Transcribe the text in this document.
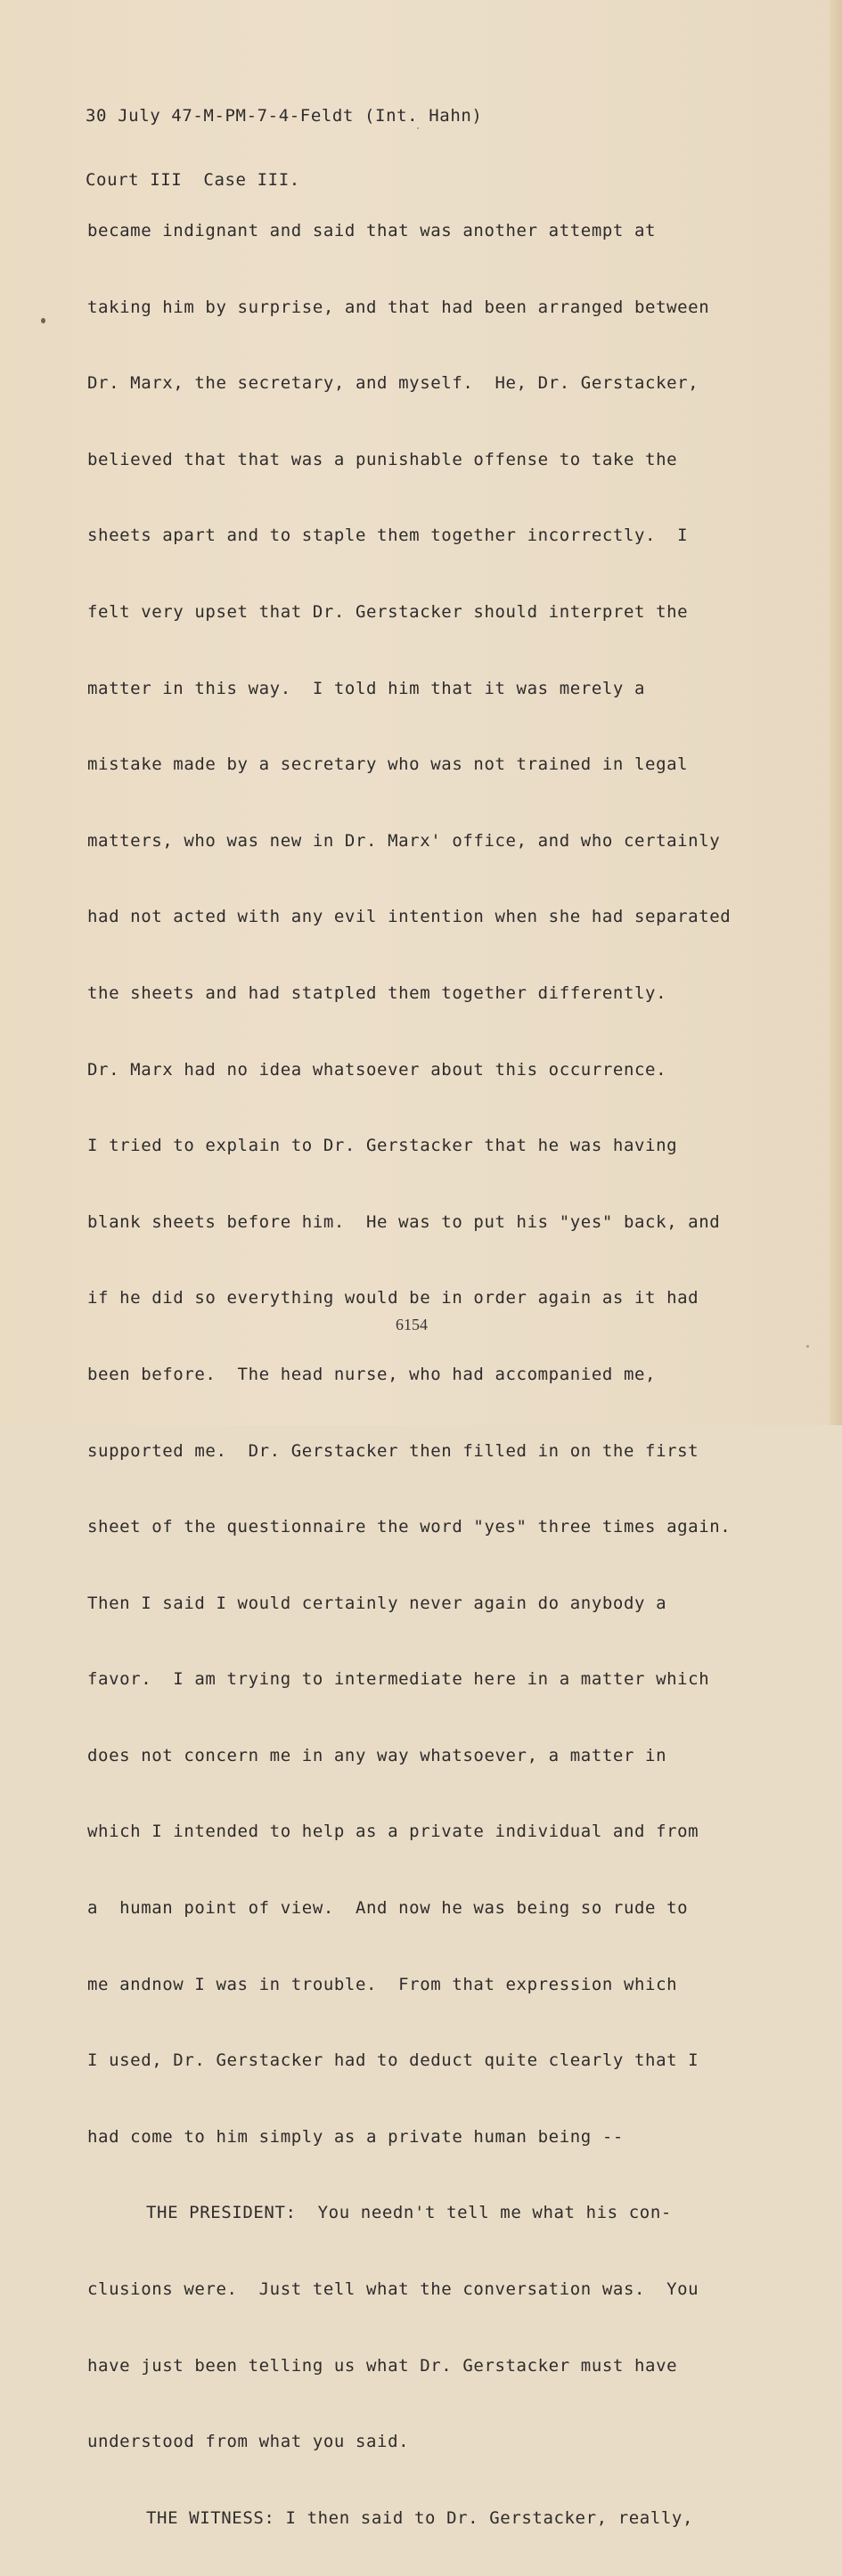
30 July 47-M-PM-7-4-Feldt (Int. Hahn)

Court III  Case III.

became indignant and said that was another attempt at

taking him by surprise, and that had been arranged between

Dr. Marx, the secretary, and myself.  He, Dr. Gerstacker,

believed that that was a punishable offense to take the

sheets apart and to staple them together incorrectly.  I

felt very upset that Dr. Gerstacker should interpret the

matter in this way.  I told him that it was merely a

mistake made by a secretary who was not trained in legal

matters, who was new in Dr. Marx' office, and who certainly

had not acted with any evil intention when she had separated

the sheets and had statpled them together differently.

Dr. Marx had no idea whatsoever about this occurrence.

I tried to explain to Dr. Gerstacker that he was having

blank sheets before him.  He was to put his "yes" back, and

if he did so everything would be in order again as it had

been before.  The head nurse, who had accompanied me,

supported me.  Dr. Gerstacker then filled in on the first

sheet of the questionnaire the word "yes" three times again.

Then I said I would certainly never again do anybody a

favor.  I am trying to intermediate here in a matter which

does not concern me in any way whatsoever, a matter in

which I intended to help as a private individual and from

a  human point of view.  And now he was being so rude to

me andnow I was in trouble.  From that expression which

I used, Dr. Gerstacker had to deduct quite clearly that I

had come to him simply as a private human being --

THE PRESIDENT:  You needn't tell me what his con-

clusions were.  Just tell what the conversation was.  You

have just been telling us what Dr. Gerstacker must have

understood from what you said.

THE WITNESS: I then said to Dr. Gerstacker, really,

6154
